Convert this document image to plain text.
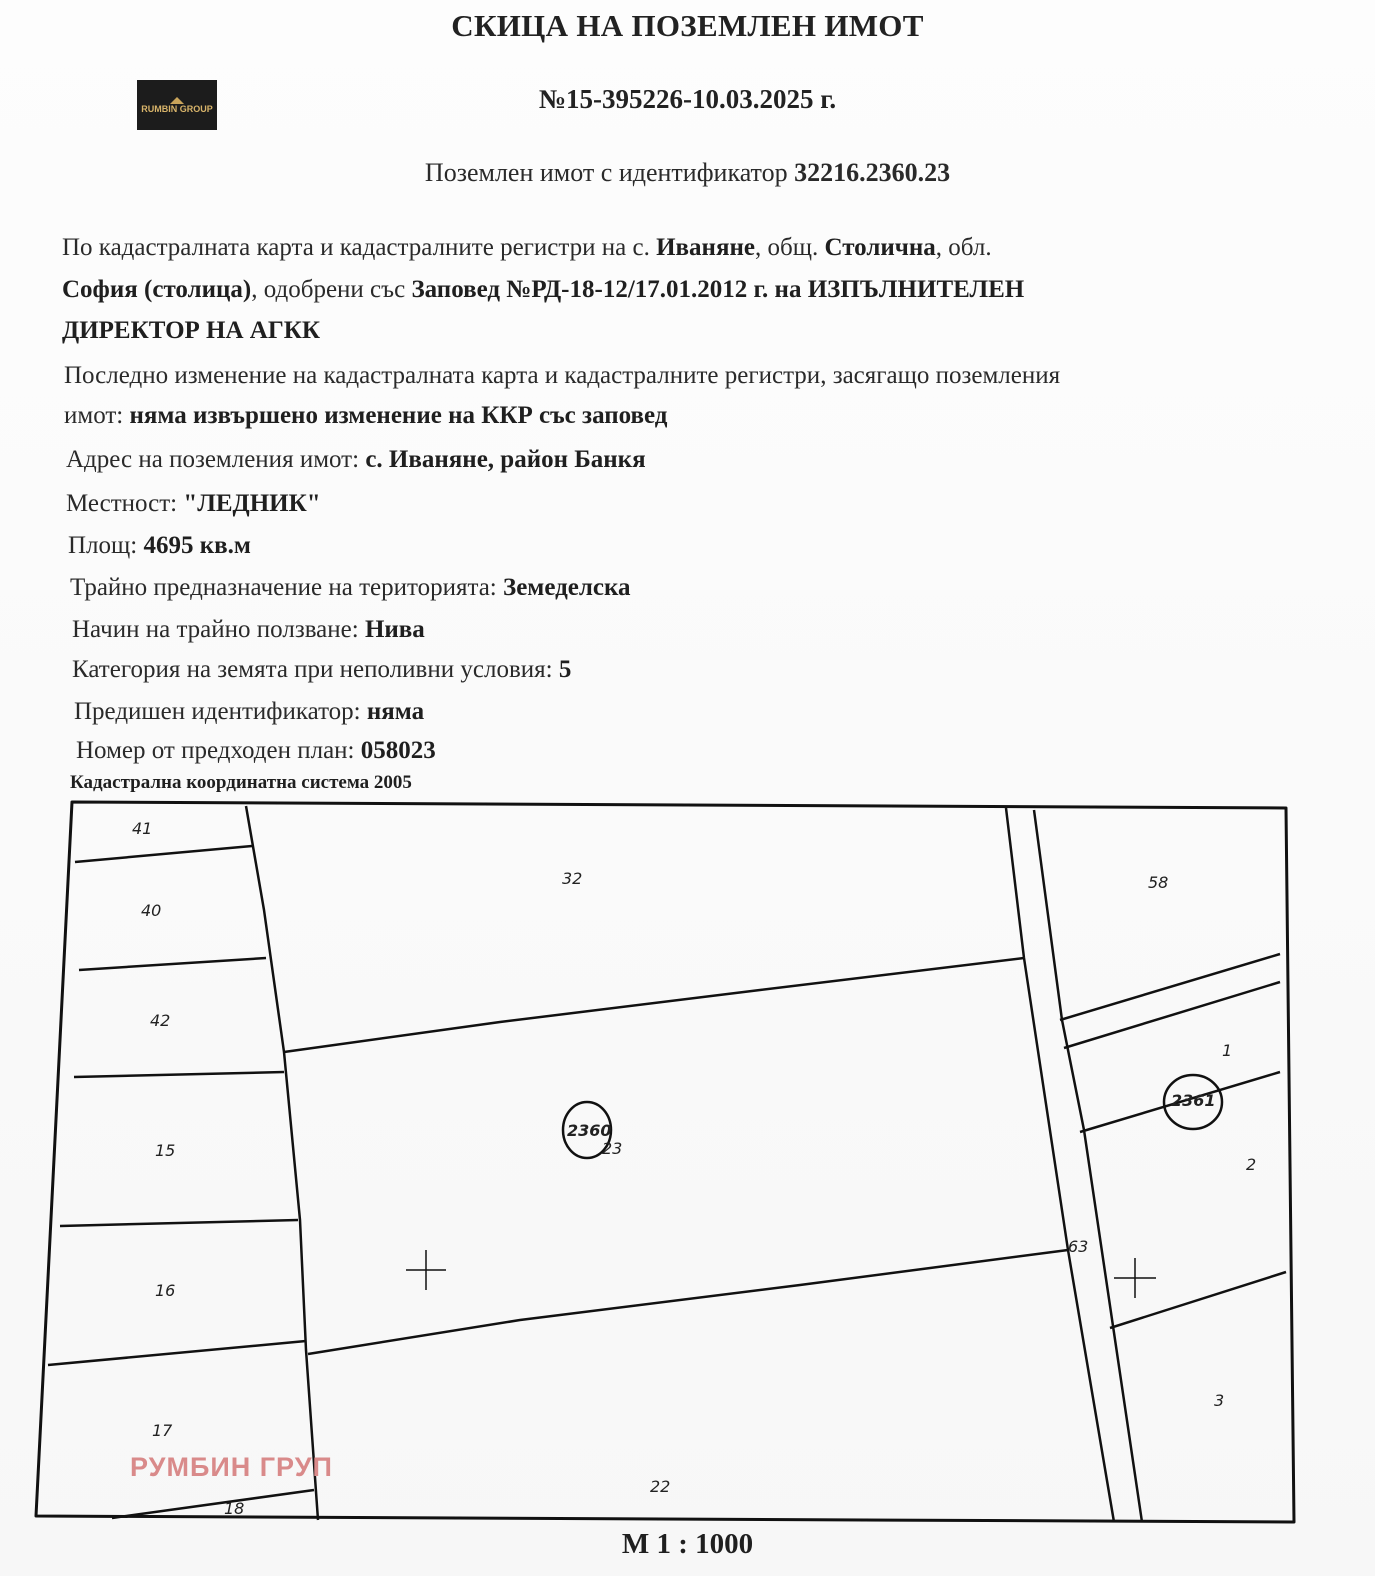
СКИЦА НА ПОЗЕМЛЕН ИМОТ
RUMBIN GROUP	№15-395226-10.03.2025 г.
Поземлен имот с идентификатор 32216.2360.23
По кадастралната карта и кадастралните регистри на с. Иваняне, общ. Столична, обл.
София (столица), одобрени със Заповед №РД-18-12/17.01.2012 г. на ИЗПЪЛНИТЕЛЕН
ДИРЕКТОР НА АГКК
Последно изменение на кадастралната карта и кадастралните регистри, засягащо поземления
имот: няма извършено изменение на ККР със заповед
Адрес на поземления имот: с. Иваняне, район Банкя
Местност: "ЛЕДНИК"
Площ: 4695 кв.м
Трайно предназначение на територията: Земеделска
Начин на трайно ползване: Нива
Категория на земята при неполивни условия: 5
Предишен идентификатор: няма
Номер от предходен план: 058023
Кадастрална координатна система 2005
41
40
42
15
16
17
18
32
23
22
58
1
2
3
63
2360
2361
РУМБИН ГРУП
М 1 : 1000
